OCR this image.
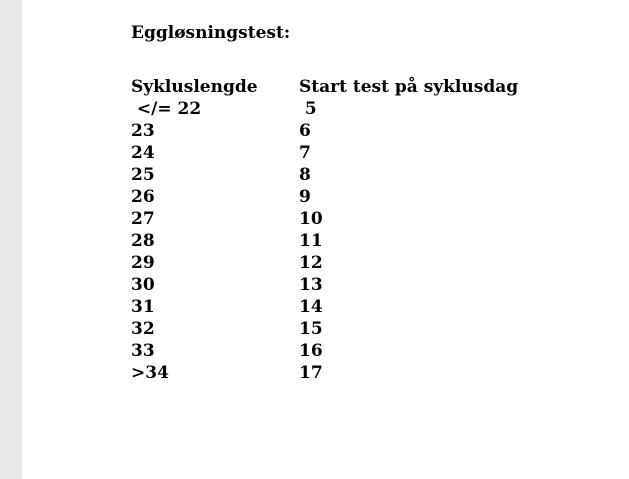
Eggløsningstest:
Sykluslengde Start test på syklusdag
</= 22	5
23	6
24	7
25	8
26	9
27	10
28	11
29	12
30	13
31	14
32	15
33	16
>34	17
